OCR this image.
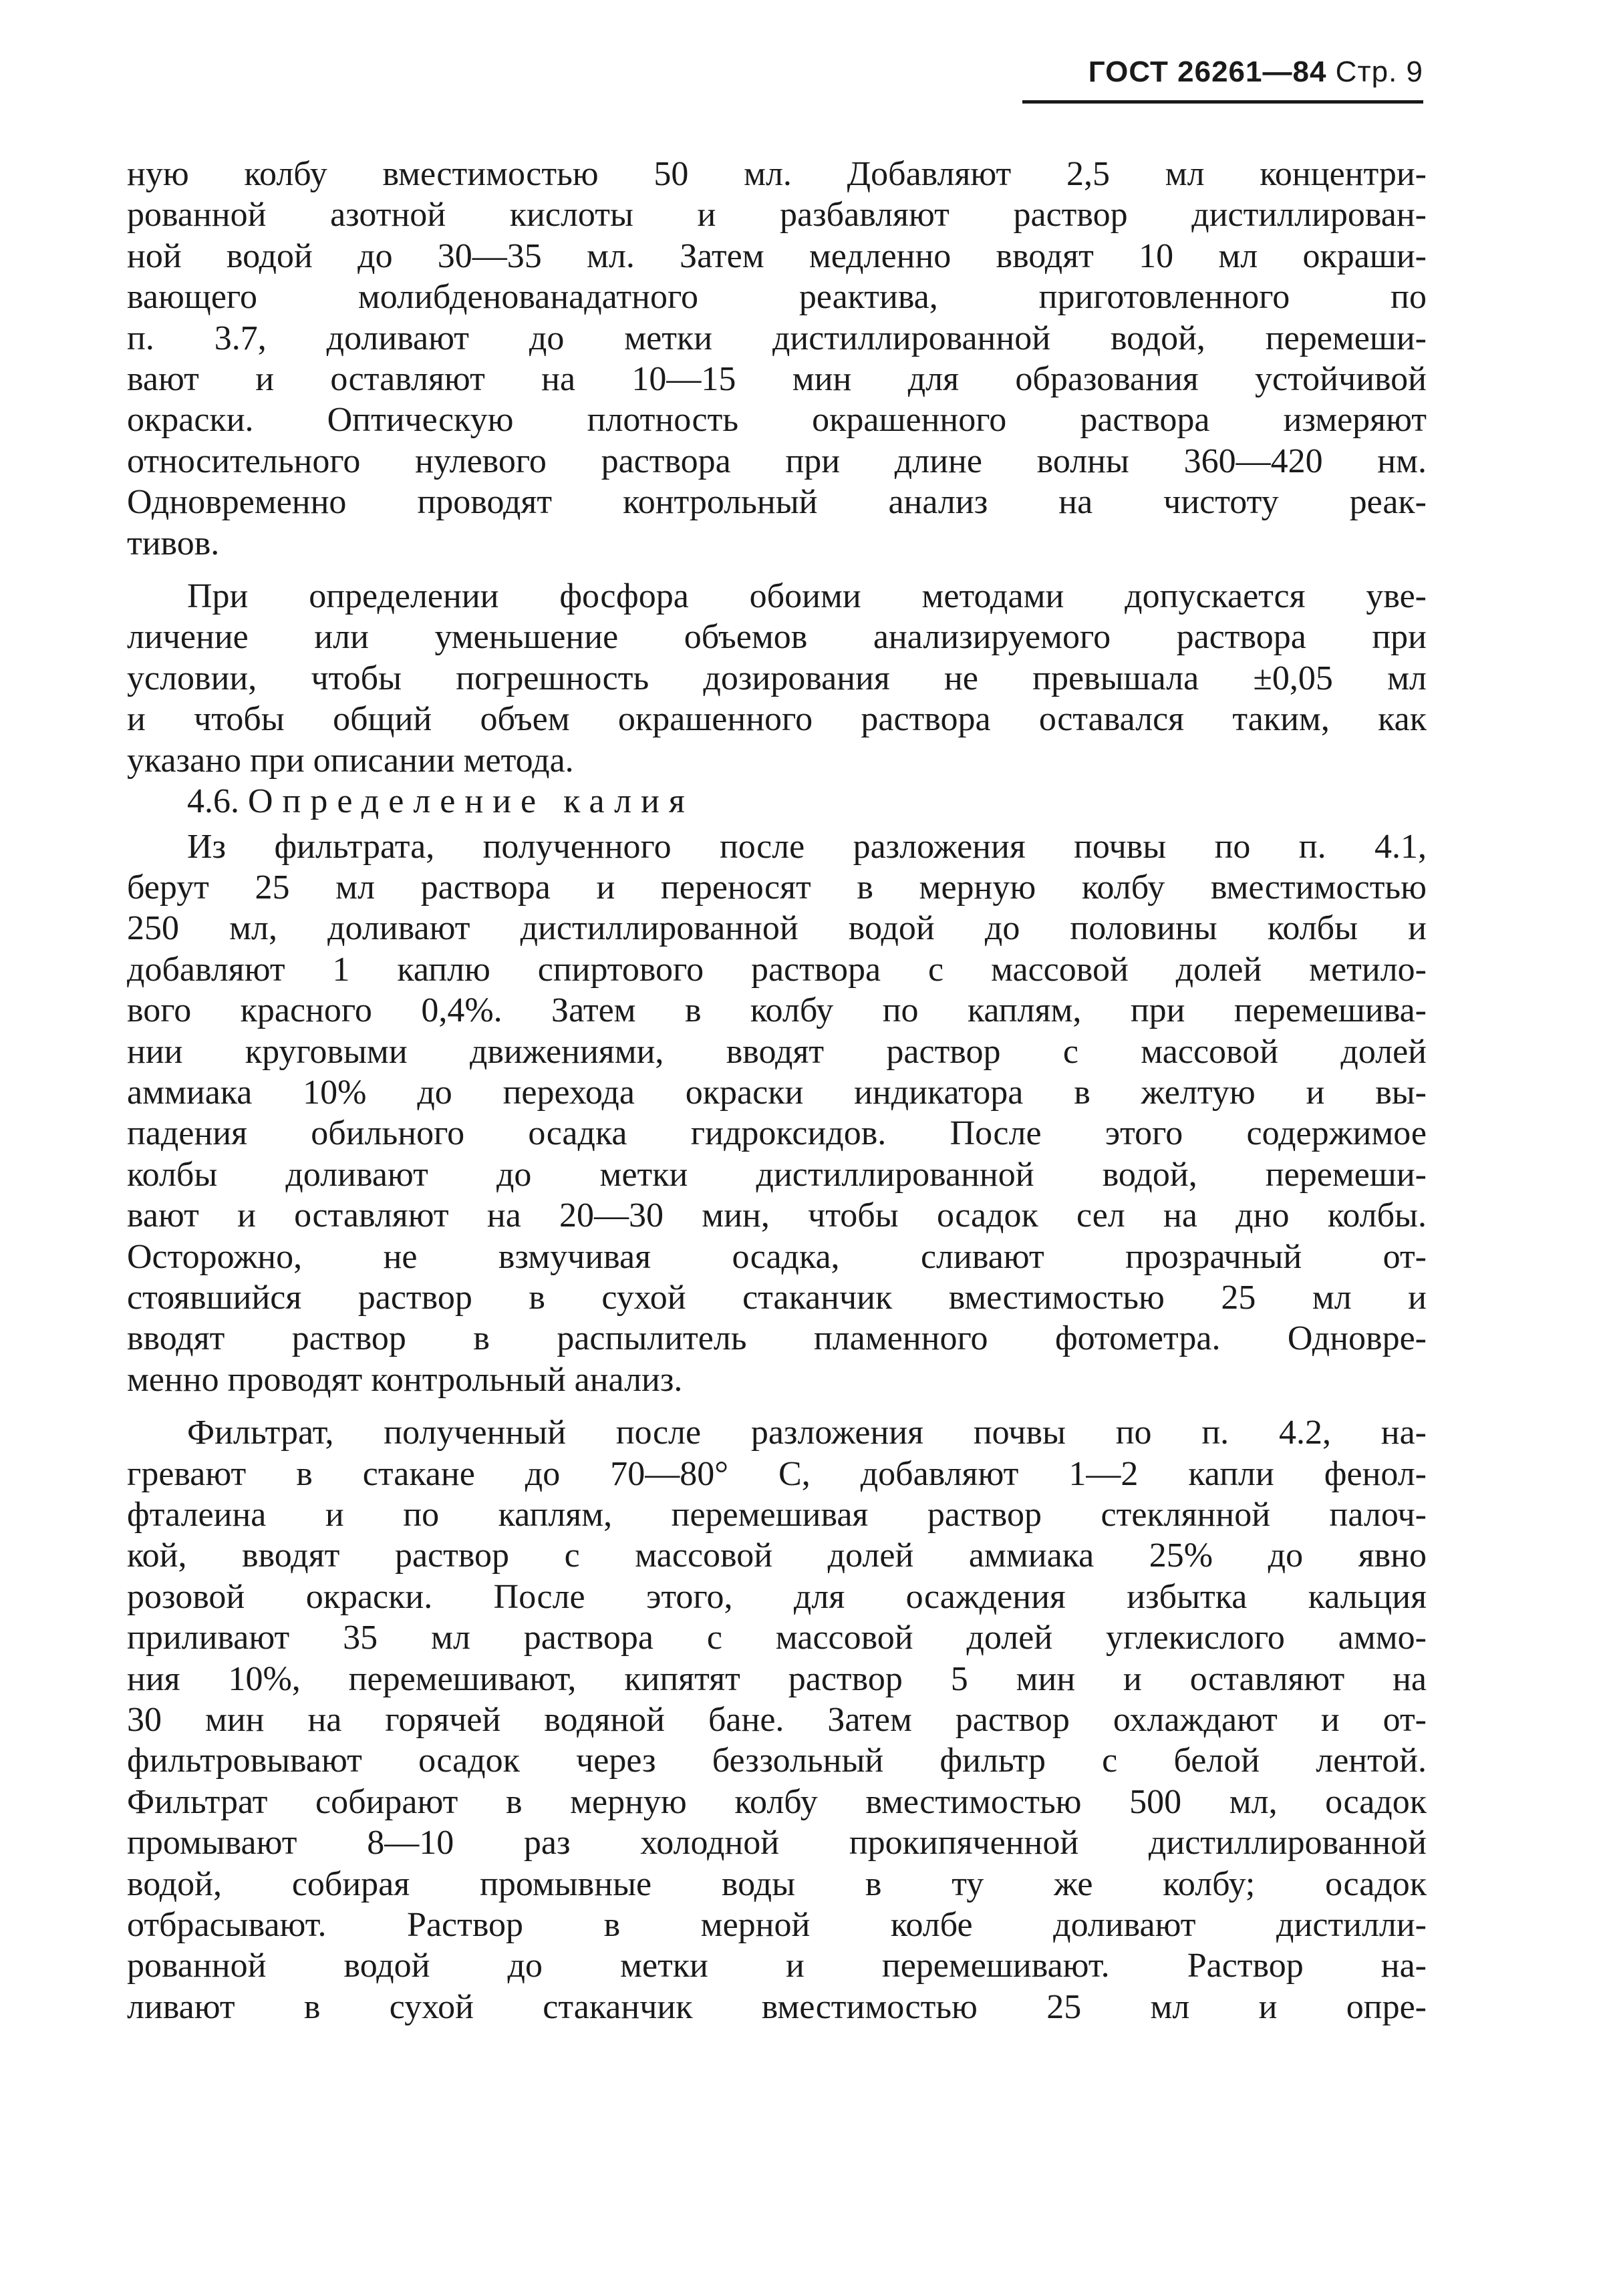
ГОСТ 26261—84 Стр. 9

ную колбу вместимостью 50 мл. Добавляют 2,5 мл концентри-
рованной азотной кислоты и разбавляют раствор дистиллирован-
ной водой до 30—35 мл. Затем медленно вводят 10 мл окраши-
вающего молибденованадатного реактива, приготовленного по
п. 3.7, доливают до метки дистиллированной водой, перемеши-
вают и оставляют на 10—15 мин для образования устойчивой
окраски. Оптическую плотность окрашенного раствора измеряют
относительного нулевого раствора при длине волны 360—420 нм.
Одновременно проводят контрольный анализ на чистоту реак-
тивов.

При определении фосфора обоими методами допускается уве-
личение или уменьшение объемов анализируемого раствора при
условии, чтобы погрешность дозирования не превышала ±0,05 мл
и чтобы общий объем окрашенного раствора оставался таким, как
указано при описании метода.

4.6. Определение калия

Из фильтрата, полученного после разложения почвы по п. 4.1,
берут 25 мл раствора и переносят в мерную колбу вместимостью
250 мл, доливают дистиллированной водой до половины колбы и
добавляют 1 каплю спиртового раствора с массовой долей метило-
вого красного 0,4%. Затем в колбу по каплям, при перемешива-
нии круговыми движениями, вводят раствор с массовой долей
аммиака 10% до перехода окраски индикатора в желтую и вы-
падения обильного осадка гидроксидов. После этого содержимое
колбы доливают до метки дистиллированной водой, перемеши-
вают и оставляют на 20—30 мин, чтобы осадок сел на дно колбы.
Осторожно, не взмучивая осадка, сливают прозрачный от-
стоявшийся раствор в сухой стаканчик вместимостью 25 мл и
вводят раствор в распылитель пламенного фотометра. Одновре-
менно проводят контрольный анализ.

Фильтрат, полученный после разложения почвы по п. 4.2, на-
гревают в стакане до 70—80° С, добавляют 1—2 капли фенол-
фталеина и по каплям, перемешивая раствор стеклянной палоч-
кой, вводят раствор с массовой долей аммиака 25% до явно
розовой окраски. После этого, для осаждения избытка кальция
приливают 35 мл раствора с массовой долей углекислого аммо-
ния 10%, перемешивают, кипятят раствор 5 мин и оставляют на
30 мин на горячей водяной бане. Затем раствор охлаждают и от-
фильтровывают осадок через беззольный фильтр с белой лентой.
Фильтрат собирают в мерную колбу вместимостью 500 мл, осадок
промывают 8—10 раз холодной прокипяченной дистиллированной
водой, собирая промывные воды в ту же колбу; осадок
отбрасывают. Раствор в мерной колбе доливают дистилли-
рованной водой до метки и перемешивают. Раствор на-
ливают в сухой стаканчик вместимостью 25 мл и опре-
